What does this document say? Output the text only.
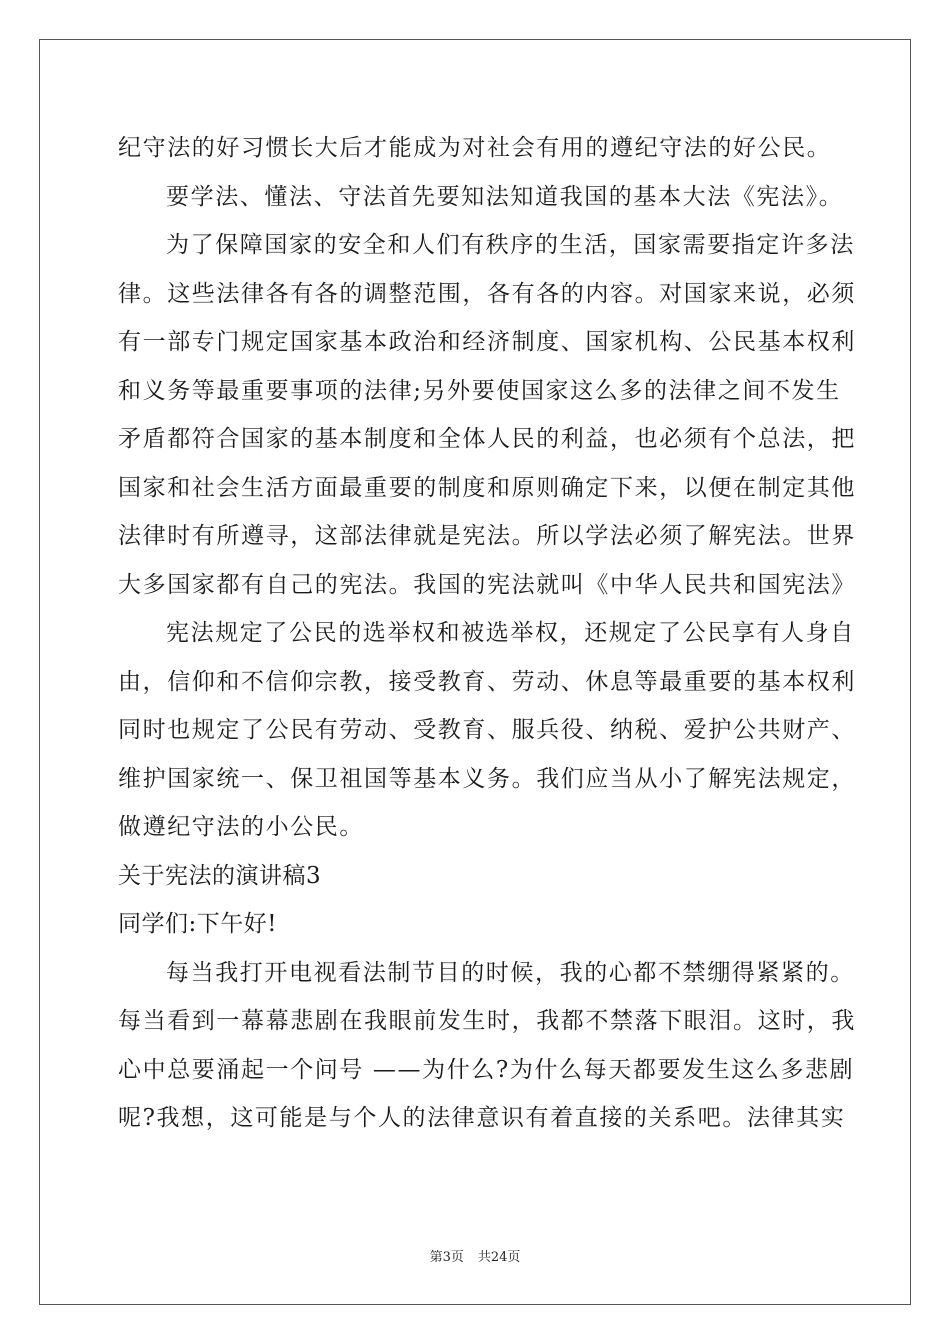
纪守法的好习惯长大后才能成为对社会有用的遵纪守法的好公民。
要学法、懂法、守法首先要知法知道我国的基本大法《宪法》。
为了保障国家的安全和人们有秩序的生活，国家需要指定许多法
律。这些法律各有各的调整范围，各有各的内容。对国家来说，必须
有一部专门规定国家基本政治和经济制度、国家机构、公民基本权利
和义务等最重要事项的法律;另外要使国家这么多的法律之间不发生
矛盾都符合国家的基本制度和全体人民的利益，也必须有个总法，把
国家和社会生活方面最重要的制度和原则确定下来，以便在制定其他
法律时有所遵寻，这部法律就是宪法。所以学法必须了解宪法。世界
大多国家都有自己的宪法。我国的宪法就叫《中华人民共和国宪法》
宪法规定了公民的选举权和被选举权，还规定了公民享有人身自
由，信仰和不信仰宗教，接受教育、劳动、休息等最重要的基本权利
同时也规定了公民有劳动、受教育、服兵役、纳税、爱护公共财产、
维护国家统一、保卫祖国等基本义务。我们应当从小了解宪法规定，
做遵纪守法的小公民。
关于宪法的演讲稿3
同学们:下午好!
每当我打开电视看法制节目的时候，我的心都不禁绷得紧紧的。
每当看到一幕幕悲剧在我眼前发生时，我都不禁落下眼泪。这时，我
心中总要涌起一个问号 ——为什么?为什么每天都要发生这么多悲剧
呢?我想，这可能是与个人的法律意识有着直接的关系吧。法律其实
第3页 共24页
